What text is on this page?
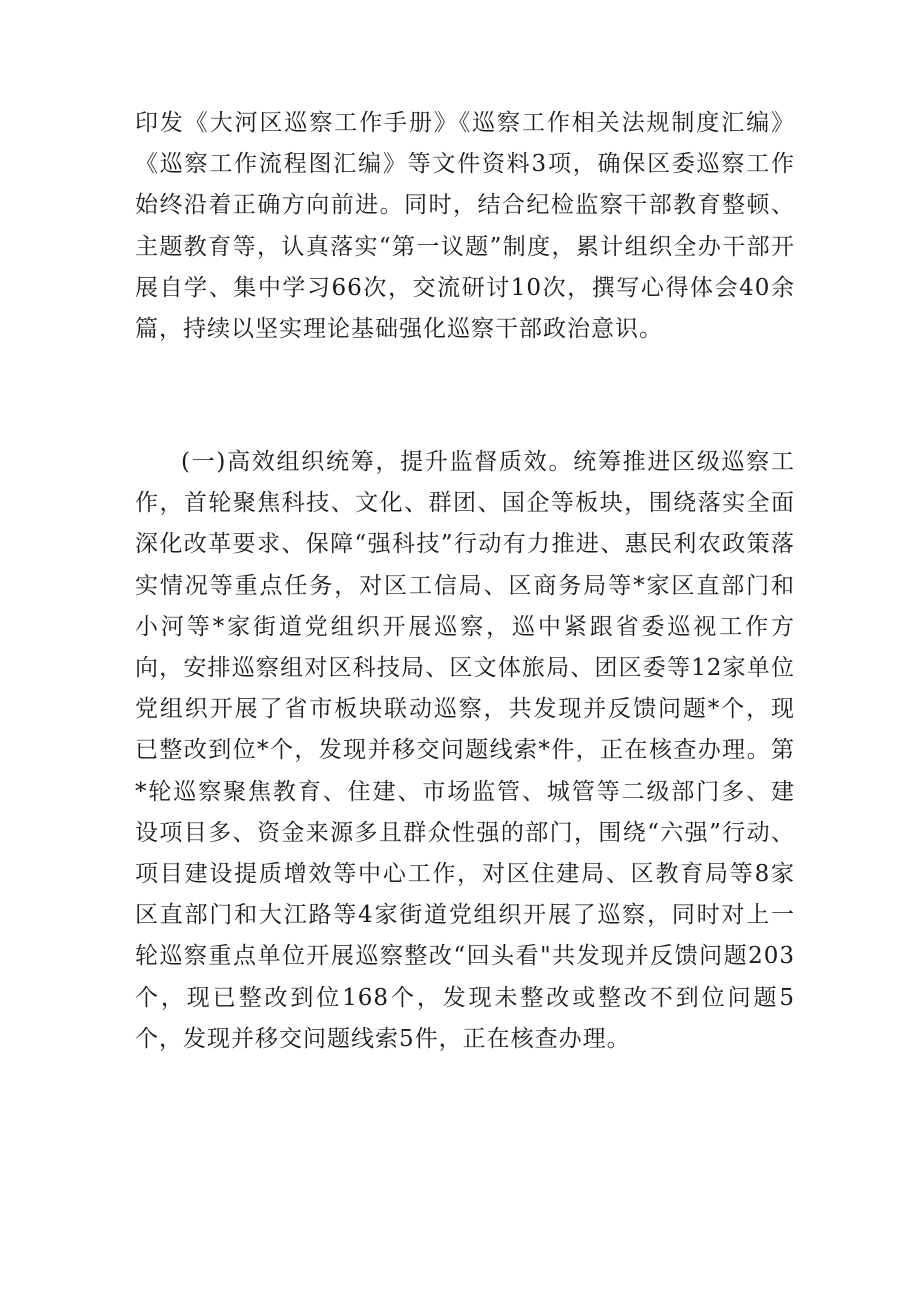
印发《大河区巡察工作手册》《巡察工作相关法规制度汇编》《巡察工作流程图汇编》等文件资料3项，确保区委巡察工作始终沿着正确方向前进。同时，结合纪检监察干部教育整顿、主题教育等，认真落实“第一议题”制度，累计组织全办干部开展自学、集中学习66次，交流研讨10次，撰写心得体会40余篇，持续以坚实理论基础强化巡察干部政治意识。

(一)高效组织统筹，提升监督质效。统筹推进区级巡察工作，首轮聚焦科技、文化、群团、国企等板块，围绕落实全面深化改革要求、保障“强科技”行动有力推进、惠民利农政策落实情况等重点任务，对区工信局、区商务局等*家区直部门和小河等*家街道党组织开展巡察，巡中紧跟省委巡视工作方向，安排巡察组对区科技局、区文体旅局、团区委等12家单位党组织开展了省市板块联动巡察，共发现并反馈问题*个，现已整改到位*个，发现并移交问题线索*件，正在核查办理。第*轮巡察聚焦教育、住建、市场监管、城管等二级部门多、建设项目多、资金来源多且群众性强的部门，围绕“六强”行动、项目建设提质增效等中心工作，对区住建局、区教育局等8家区直部门和大江路等4家街道党组织开展了巡察，同时对上一轮巡察重点单位开展巡察整改“回头看"共发现并反馈问题203个，现已整改到位168个，发现未整改或整改不到位问题5个，发现并移交问题线索5件，正在核查办理。
